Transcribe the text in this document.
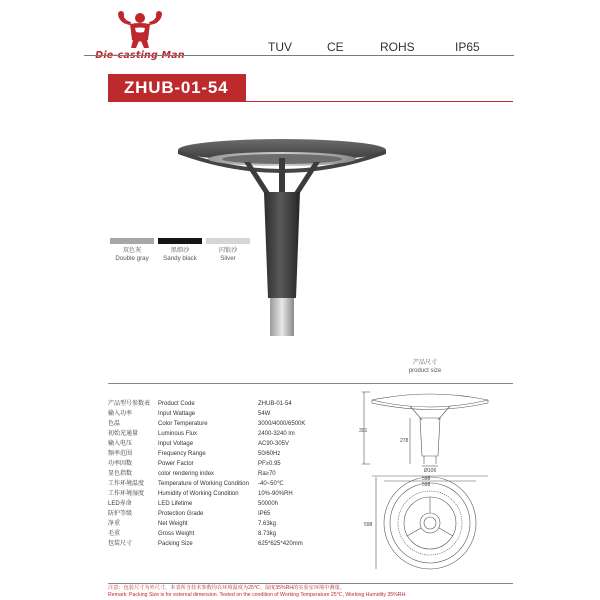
TUV	CE	ROHS	IP65
ZHUB-01-54
双色灰
Double gray
黑细沙
Sandy black
闪银沙
Silver
产品尺寸
product size
产品型号参数表 Product Code	ZHUB-01-54
输入功率	Input Wattage	54W
色温	Color Temperature	3000/4000/6500K
初始光通量	Luminous Flux	2400-3240 lm
输入电压	Input Voltage	AC90-305V
频率范围	Frequency Range	50/60Hz
功率因数	Power Factor	PF≥0.95
显色指数	color rendering index	Ra≥70
工作环境温度 Temperature of Working Condition -40~50℃
工作环境湿度 Humidity of Working Condition	10%-90%RH
LED寿命	LED Lifetime	50000h
防护等级	Protection Grade	IP65
净重	Net Weight	7.63kg
毛重	Gross Weight	8.73kg
包装尺寸	Packing Size	625*625*420mm
391
278
Ø106
598
598
598
注意：包装尺寸为外尺寸。本表所含技术参数均在环境温度为25℃、湿度35%RH的实验室环境中测量。
Remark: Packing Size is for external dimension. Tested on the condition of Working Temperature 25℃, Working Humidity 35%RH.
